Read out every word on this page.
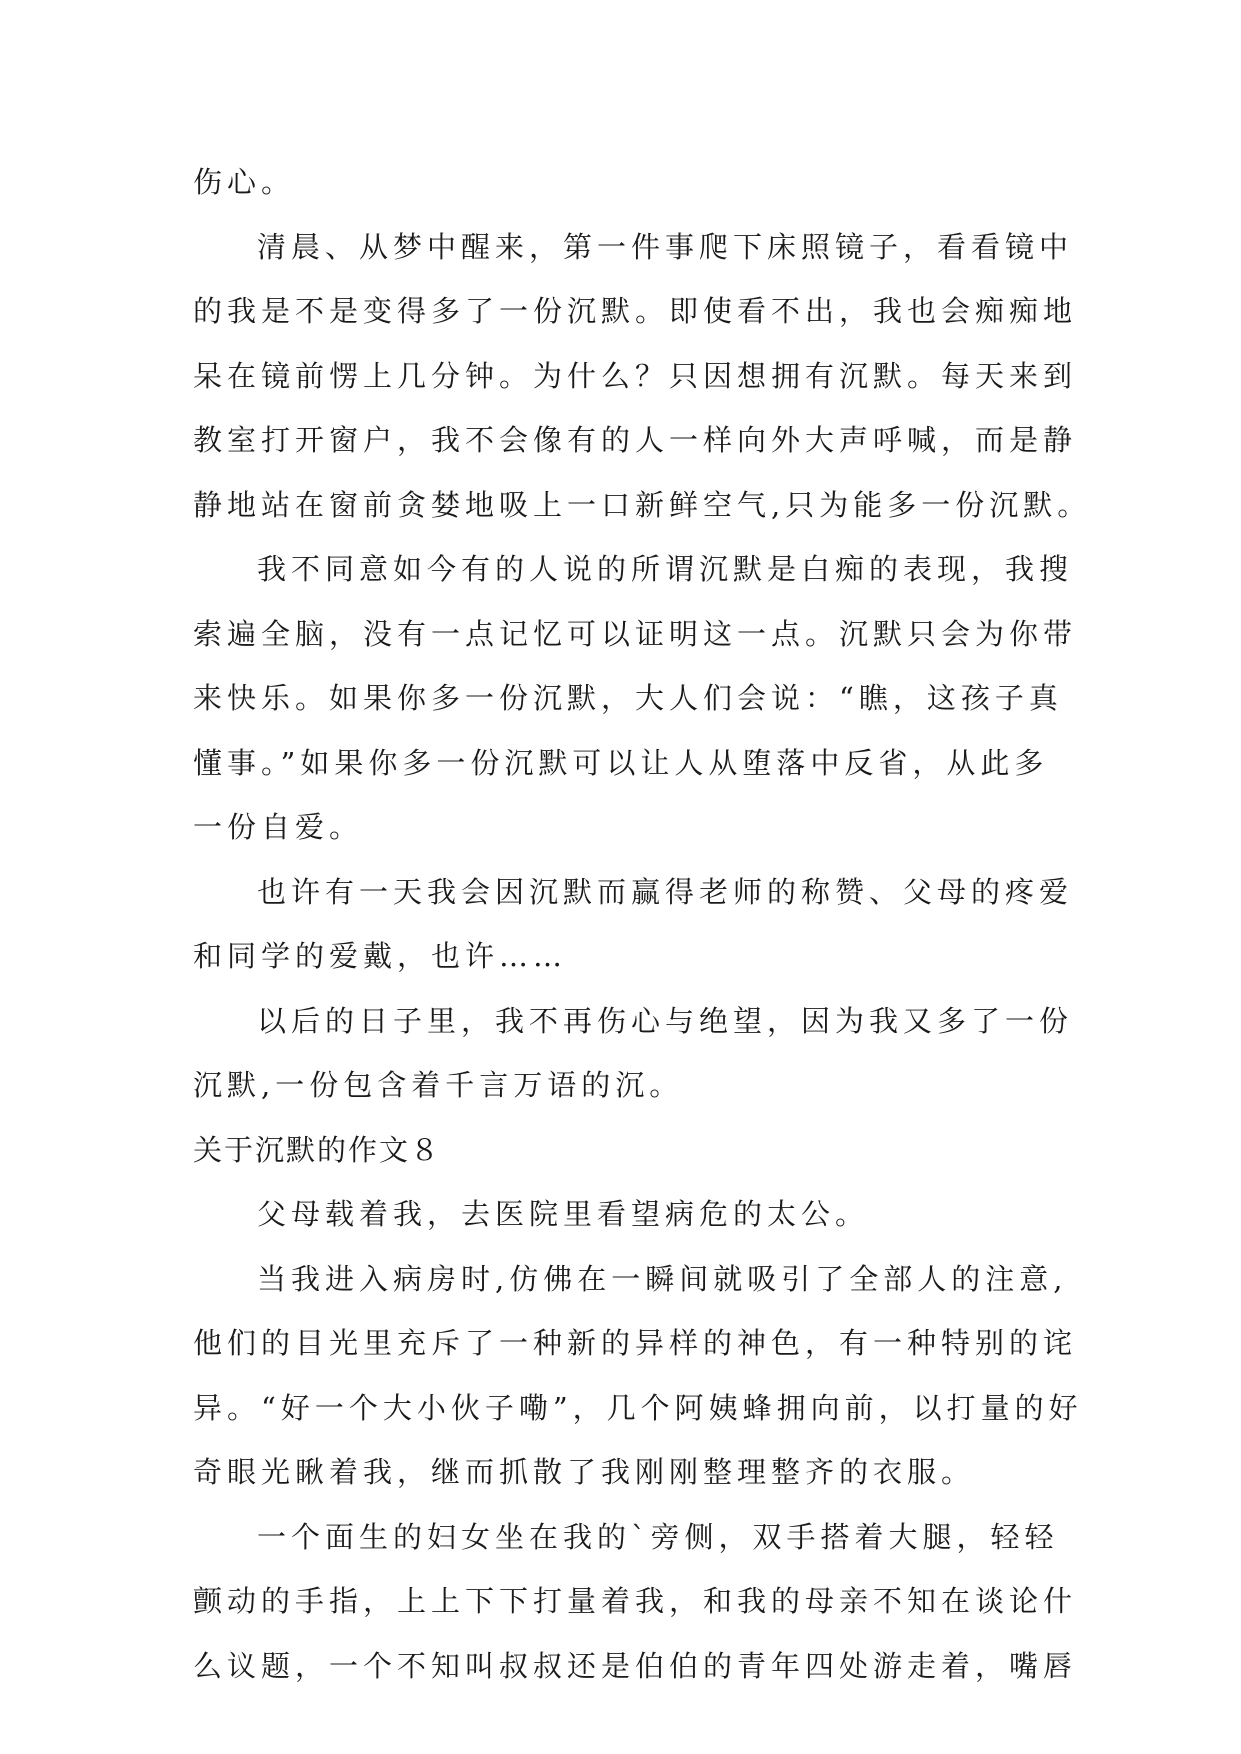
伤心。
清晨、从梦中醒来，第一件事爬下床照镜子，看看镜中
的我是不是变得多了一份沉默。即使看不出，我也会痴痴地
呆在镜前愣上几分钟。为什么？只因想拥有沉默。每天来到
教室打开窗户，我不会像有的人一样向外大声呼喊，而是静
静地站在窗前贪婪地吸上一口新鲜空气,只为能多一份沉默。
我不同意如今有的人说的所谓沉默是白痴的表现，我搜
索遍全脑，没有一点记忆可以证明这一点。沉默只会为你带
来快乐。如果你多一份沉默，大人们会说：“瞧，这孩子真
懂事。”如果你多一份沉默可以让人从堕落中反省，从此多
一份自爱。
也许有一天我会因沉默而赢得老师的称赞、父母的疼爱
和同学的爱戴，也许……
以后的日子里，我不再伤心与绝望，因为我又多了一份
沉默,一份包含着千言万语的沉。
关于沉默的作文８
父母载着我，去医院里看望病危的太公。
当我进入病房时,仿佛在一瞬间就吸引了全部人的注意,
他们的目光里充斥了一种新的异样的神色，有一种特别的诧
异。“好一个大小伙子嘞”，几个阿姨蜂拥向前，以打量的好
奇眼光瞅着我，继而抓散了我刚刚整理整齐的衣服。
一个面生的妇女坐在我的`旁侧，双手搭着大腿，轻轻
颤动的手指，上上下下打量着我，和我的母亲不知在谈论什
么议题，一个不知叫叔叔还是伯伯的青年四处游走着，嘴唇
